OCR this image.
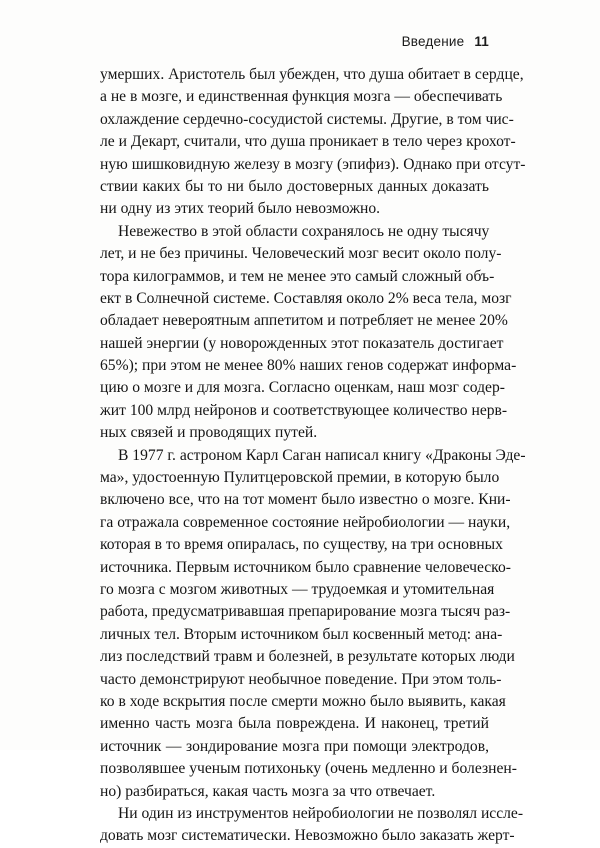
Введение 11
умерших. Аристотель был убежден, что душа обитает в сердце,
а не в мозге, и единственная функция мозга — обеспечивать
охлаждение сердечно-сосудистой системы. Другие, в том чис-
ле и Декарт, считали, что душа проникает в тело через крохот-
ную шишковидную железу в мозгу (эпифиз). Однако при отсут-
ствии каких бы то ни было достоверных данных доказать
ни одну из этих теорий было невозможно.
Невежество в этой области сохранялось не одну тысячу
лет, и не без причины. Человеческий мозг весит около полу-
тора килограммов, и тем не менее это самый сложный объ-
ект в Солнечной системе. Составляя около 2% веса тела, мозг
обладает невероятным аппетитом и потребляет не менее 20%
нашей энергии (у новорожденных этот показатель достигает
65%); при этом не менее 80% наших генов содержат информа-
цию о мозге и для мозга. Согласно оценкам, наш мозг содер-
жит 100 млрд нейронов и соответствующее количество нерв-
ных связей и проводящих путей.
В 1977 г. астроном Карл Саган написал книгу «Драконы Эде-
ма», удостоенную Пулитцеровской премии, в которую было
включено все, что на тот момент было известно о мозге. Кни-
га отражала современное состояние нейробиологии — науки,
которая в то время опиралась, по существу, на три основных
источника. Первым источником было сравнение человеческо-
го мозга с мозгом животных — трудоемкая и утомительная
работа, предусматривавшая препарирование мозга тысяч раз-
личных тел. Вторым источником был косвенный метод: ана-
лиз последствий травм и болезней, в результате которых люди
часто демонстрируют необычное поведение. При этом толь-
ко в ходе вскрытия после смерти можно было выявить, какая
именно часть мозга была повреждена. И наконец, третий
источник — зондирование мозга при помощи электродов,
позволявшее ученым потихоньку (очень медленно и болезнен-
но) разбираться, какая часть мозга за что отвечает.
Ни один из инструментов нейробиологии не позволял иссле-
довать мозг систематически. Невозможно было заказать жерт-
